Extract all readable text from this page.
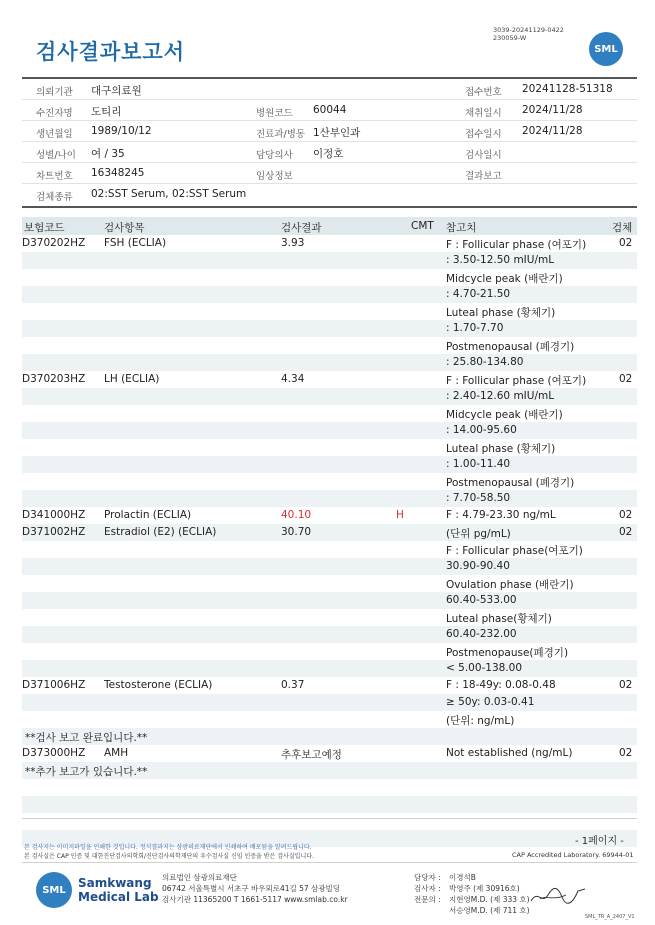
검사결과보고서
3039-20241129-0422
230059-W
SML
의뢰기관 대구의료원	접수번호 20241128-51318
수진자명 도티리	병원코드 60044	채취일시 2024/11/28
생년월일 1989/10/12	진료과/병동 1산부인과	접수일시 2024/11/28
성별/나이 여 / 35	담당의사 이정호	검사일시
차트번호 16348245	임상정보	결과보고
검체종류 02:SST Serum, 02:SST Serum
보험코드	검사항목	검사결과	CMT 참고치	검체
D370202HZ FSH (ECLIA)	3.93	F : Follicular phase (여포기)	02
: 3.50-12.50 mIU/mL
Midcycle peak (배란기)
: 4.70-21.50
Luteal phase (황체기)
: 1.70-7.70
Postmenopausal (폐경기)
: 25.80-134.80
D370203HZ LH (ECLIA)	4.34	F : Follicular phase (여포기)	02
: 2.40-12.60 mIU/mL
Midcycle peak (배란기)
: 14.00-95.60
Luteal phase (황체기)
: 1.00-11.40
Postmenopausal (폐경기)
: 7.70-58.50
D341000HZ Prolactin (ECLIA)	40.10	H	F : 4.79-23.30 ng/mL	02
D371002HZ Estradiol (E2) (ECLIA)	30.70	(단위 pg/mL)	02
F : Follicular phase(여포기)
30.90-90.40
Ovulation phase (배란기)
60.40-533.00
Luteal phase(황체기)
60.40-232.00
Postmenopause(폐경기)
< 5.00-138.00
D371006HZ Testosterone (ECLIA)	0.37	F : 18-49y: 0.08-0.48	02
≥ 50y: 0.03-0.41
(단위: ng/mL)
**검사 보고 완료입니다.**
D373000HZ AMH	추후보고예정	Not established (ng/mL)	02
**추가 보고가 있습니다.**
- 1페이지 -
본 검사지는 이미지파일을 인쇄한 것입니다. 정식결과지는 삼광의료재단에서 인쇄하여 배포됨을 알려드립니다.
본 검사실은 CAP 인증 및 대한진단검사의학회/진단검사의학재단의 우수검사실 신임 인증을 받은 검사실입니다.	CAP Accredited Laboratory. 69944-01
SML	Samkwang
Medical Lab
의료법인 삼광의료재단
06742 서울특별시 서초구 바우뫼로41길 57 삼광빌딩
검사기관 11365200 T 1661-5117 www.smlab.co.kr
담당자 : 이경석B
검사자 : 박영주 (제 30916호)
전문의 : 지현영M.D. (제 333 호)
서승영M.D. (제 711 호)
SML_TR_A_2407_V1
